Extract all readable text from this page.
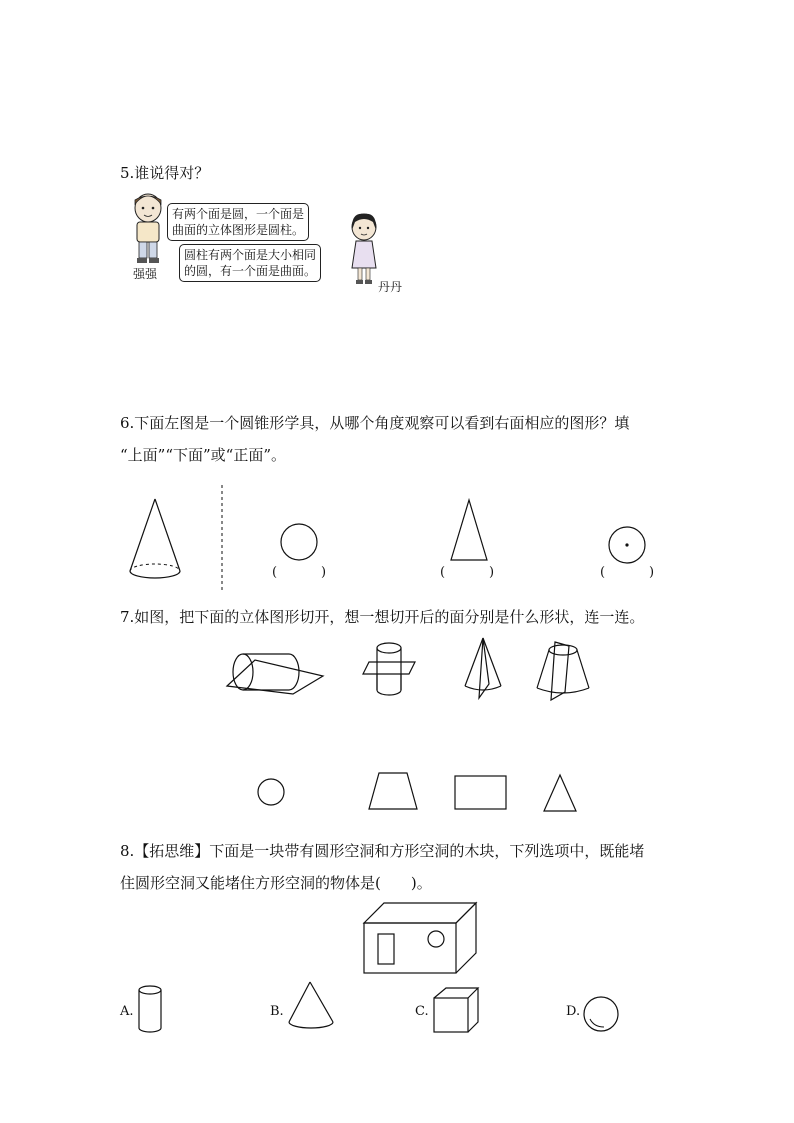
5.谁说得对？
强强
有两个面是圆，一个面是
曲面的立体图形是圆柱。
圆柱有两个面是大小相同
的圆，有一个面是曲面。
丹丹
6.下面左图是一个圆锥形学具，从哪个角度观察可以看到右面相应的图形？填
“上面”“下面”或“正面”。
(	)	(	)	(	)
7.如图，把下面的立体图形切开，想一想切开后的面分别是什么形状，连一连。
8.【拓思维】下面是一块带有圆形空洞和方形空洞的木块，下列选项中，既能堵
住圆形空洞又能堵住方形空洞的物体是(　　)。
A.	B.	C.	D.
